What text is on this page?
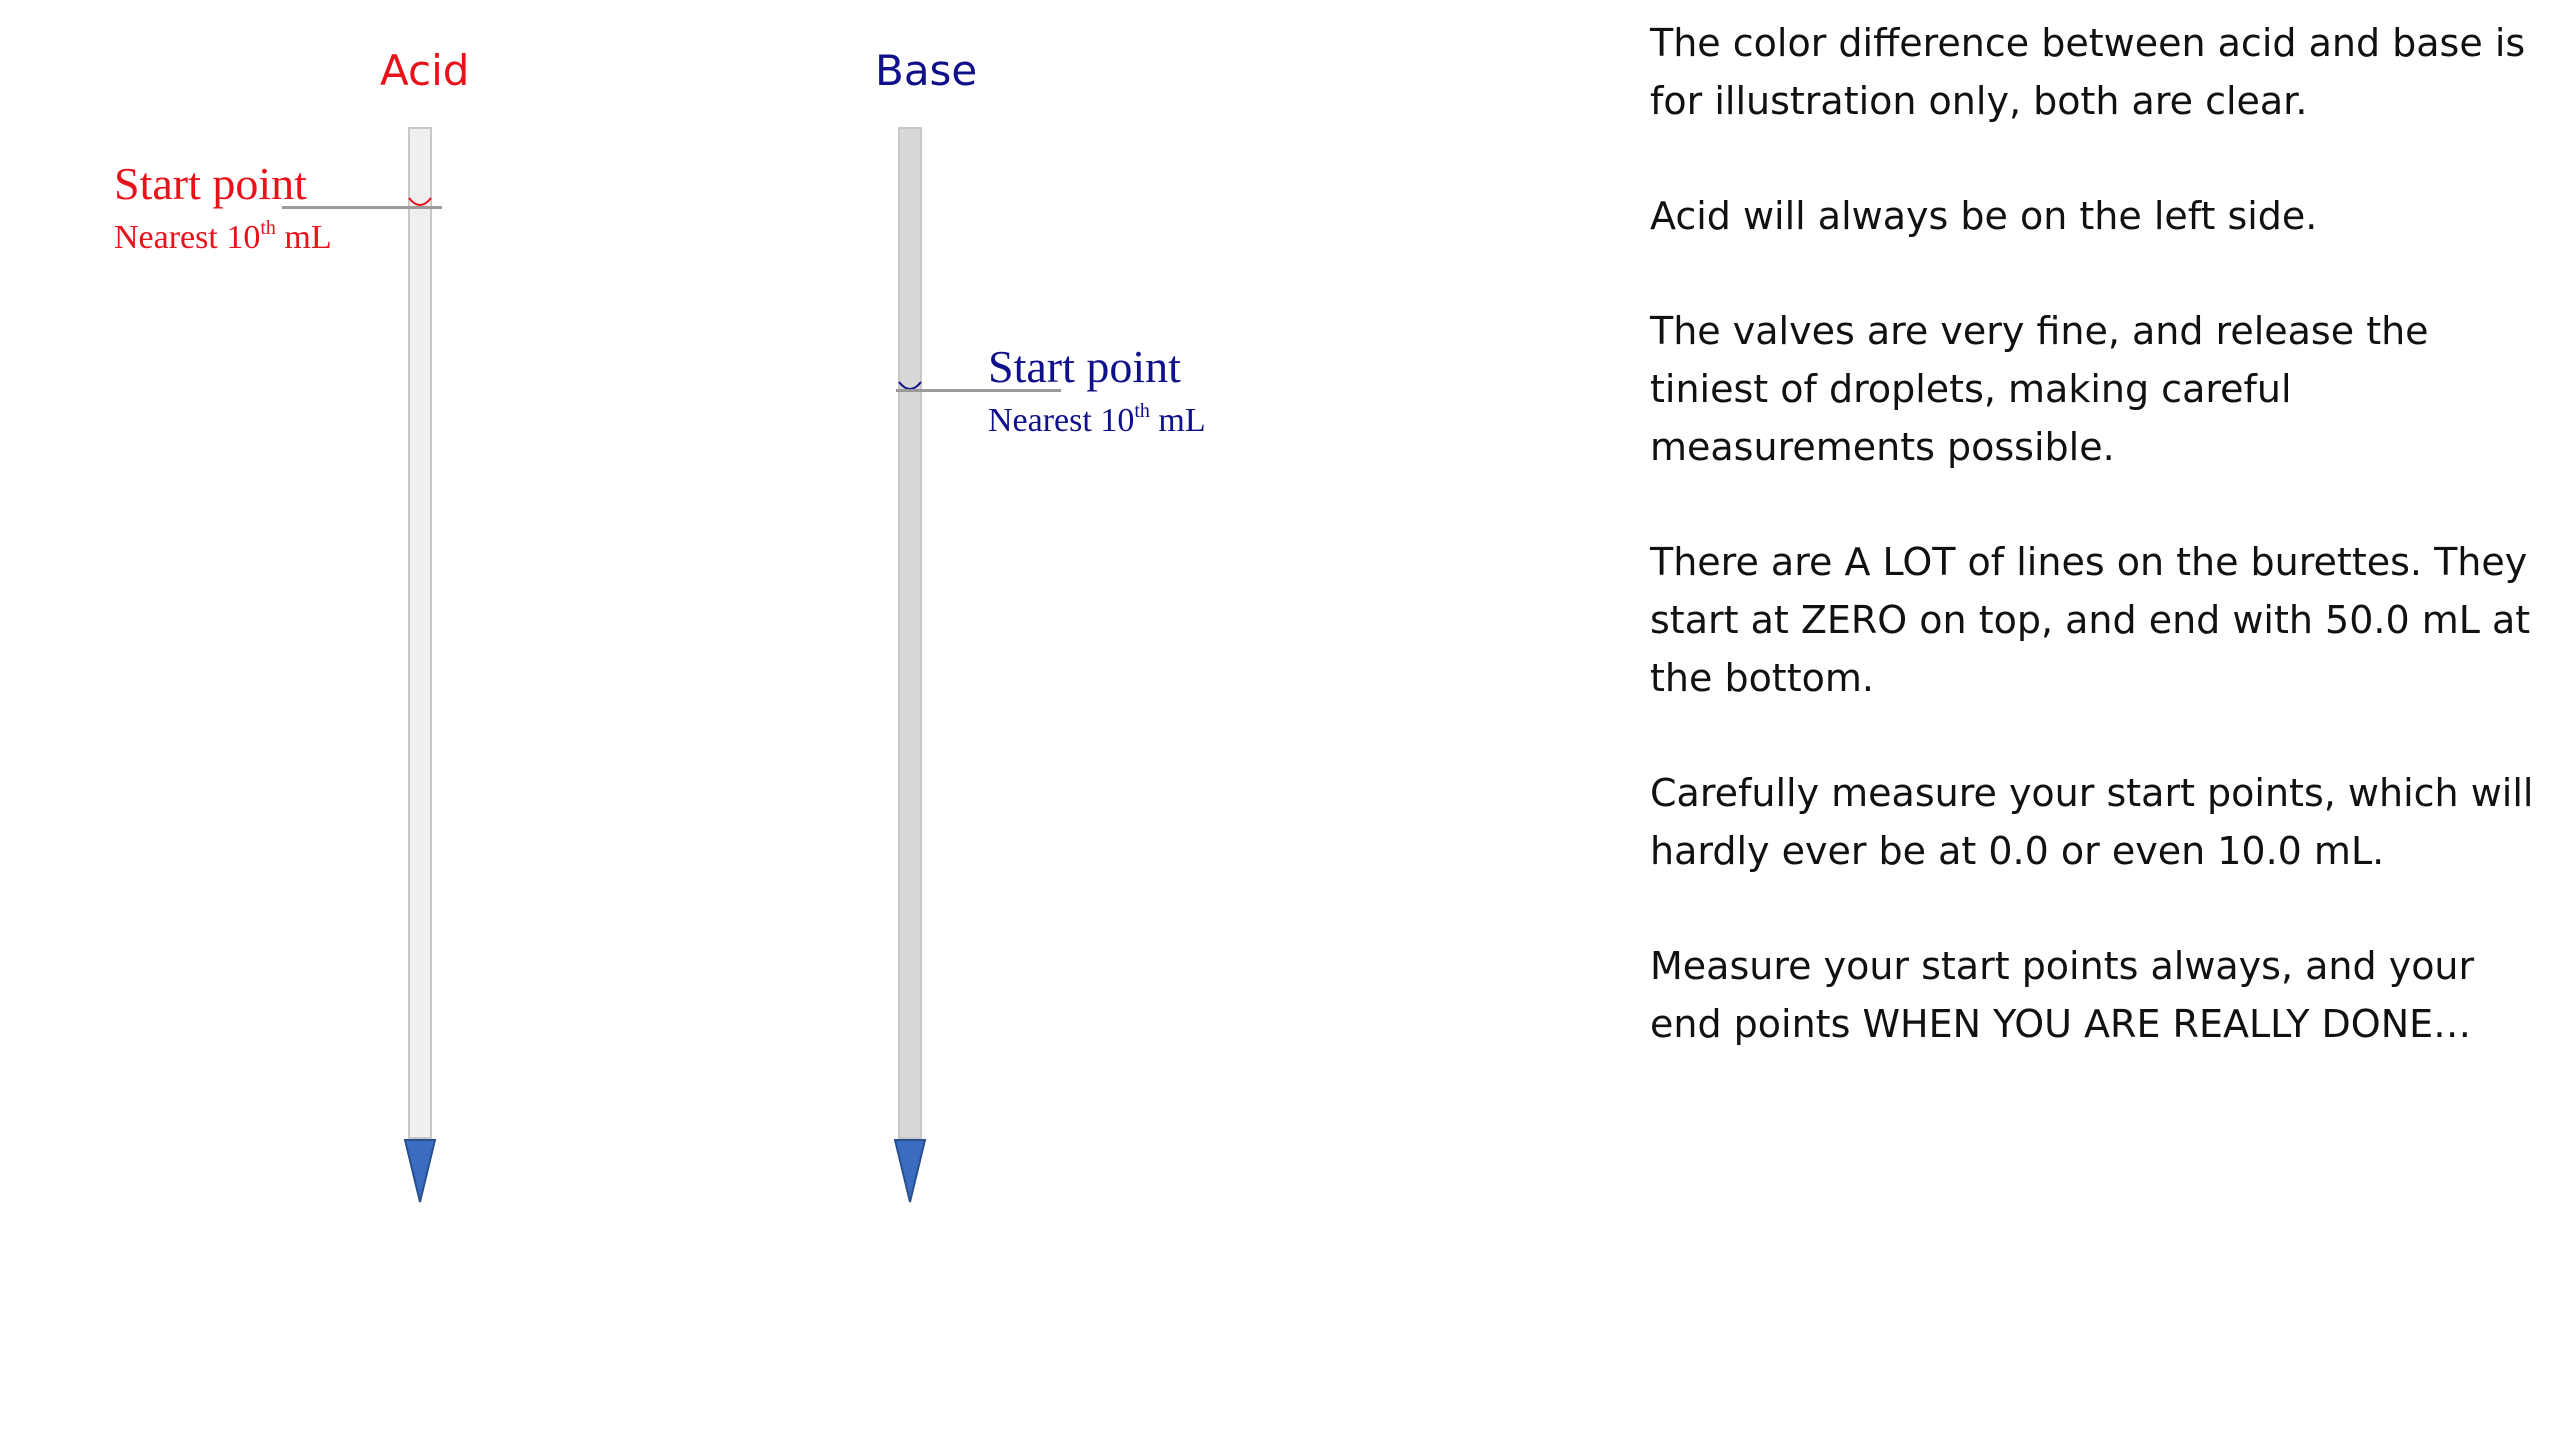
Acid	Base
Start point
Nearest 10th mL
Start point
Nearest 10th mL

The color difference between acid and base is for illustration only, both are clear.

Acid will always be on the left side.

The valves are very fine, and release the tiniest of droplets, making careful measurements possible.

There are A LOT of lines on the burettes. They start at ZERO on top, and end with 50.0 mL at the bottom.

Carefully measure your start points, which will hardly ever be at 0.0 or even 10.0 mL.

Measure your start points always, and your end points WHEN YOU ARE REALLY DONE…
